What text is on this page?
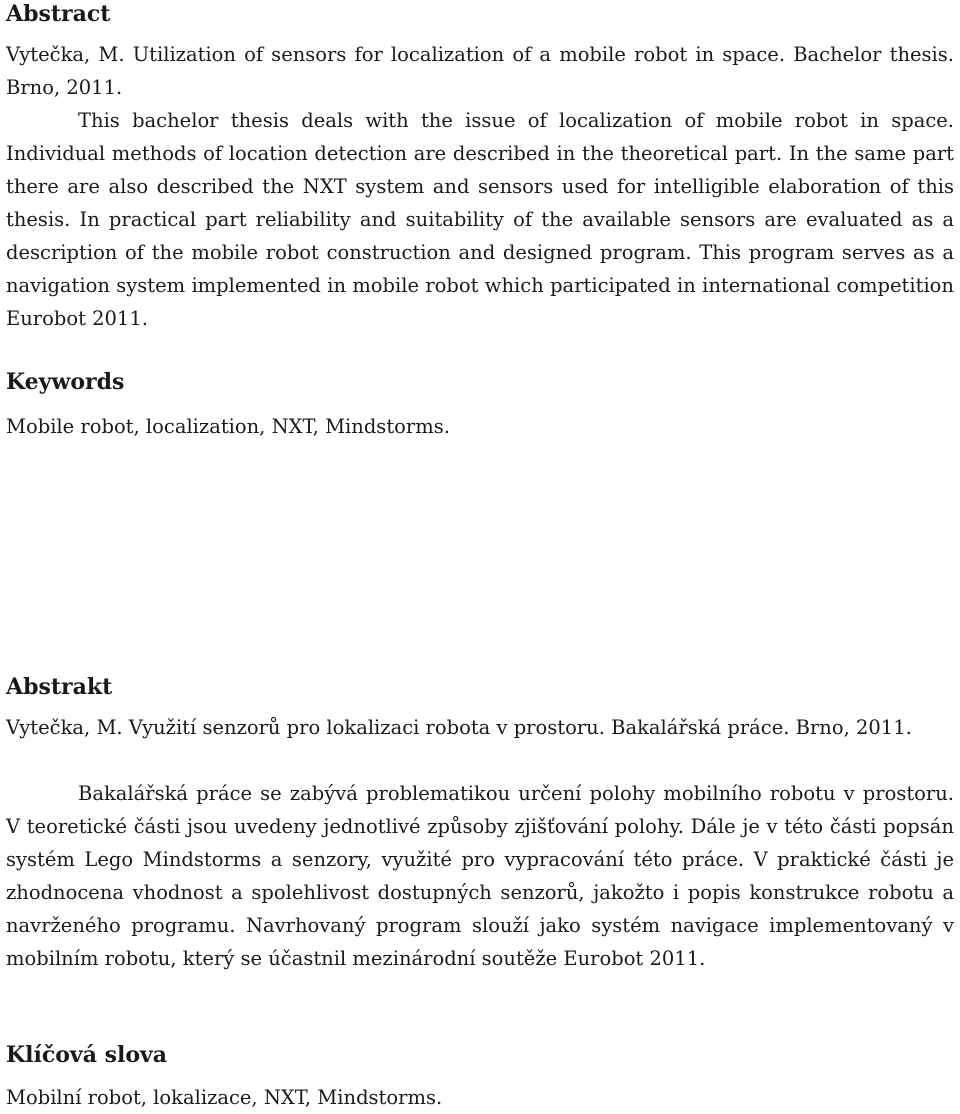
Abstract

Vytečka, M. Utilization of sensors for localization of a mobile robot in space. Bachelor thesis. Brno, 2011.

This bachelor thesis deals with the issue of localization of mobile robot in space. Individual methods of location detection are described in the theoretical part. In the same part there are also described the NXT system and sensors used for intelligible elaboration of this thesis. In practical part reliability and suitability of the available sensors are evaluated as a description of the mobile robot construction and designed program. This program serves as a navigation system implemented in mobile robot which participated in international competition Eurobot 2011.

Keywords

Mobile robot, localization, NXT, Mindstorms.

Abstrakt

Vytečka, M. Využití senzorů pro lokalizaci robota v prostoru. Bakalářská práce. Brno, 2011.

Bakalářská práce se zabývá problematikou určení polohy mobilního robotu v prostoru. V teoretické části jsou uvedeny jednotlivé způsoby zjišťování polohy. Dále je v této části popsán systém Lego Mindstorms a senzory, využité pro vypracování této práce. V praktické části je zhodnocena vhodnost a spolehlivost dostupných senzorů, jakožto i popis konstrukce robotu a navrženého programu. Navrhovaný program slouží jako systém navigace implementovaný v mobilním robotu, který se účastnil mezinárodní soutěže Eurobot 2011.

Klíčová slova

Mobilní robot, lokalizace, NXT, Mindstorms.
